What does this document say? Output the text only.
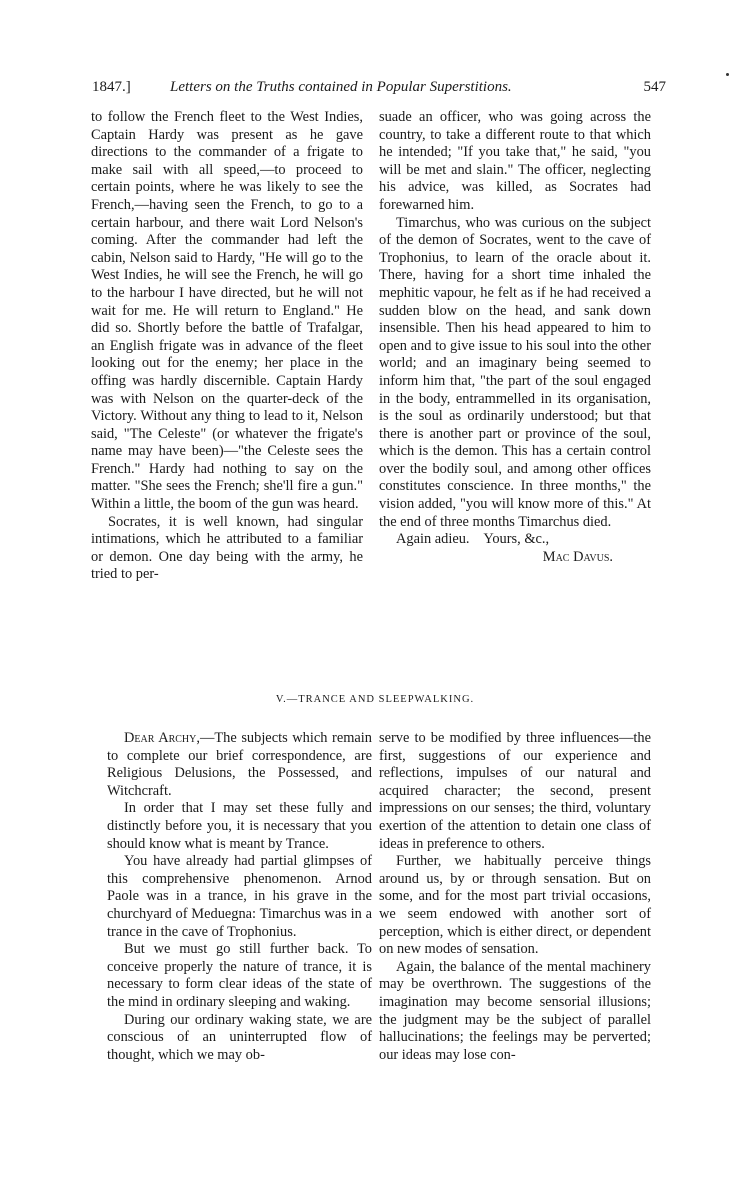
1847.]	Letters on the Truths contained in Popular Superstitions.	547

to follow the French fleet to the West Indies, Captain Hardy was present as he gave directions to the commander of a frigate to make sail with all speed,—to proceed to certain points, where he was likely to see the French,—having seen the French, to go to a certain harbour, and there wait Lord Nelson's coming. After the commander had left the cabin, Nelson said to Hardy, "He will go to the West Indies, he will see the French, he will go to the harbour I have directed, but he will not wait for me. He will return to England." He did so. Shortly before the battle of Trafalgar, an English frigate was in advance of the fleet looking out for the enemy; her place in the offing was hardly discernible. Captain Hardy was with Nelson on the quarter-deck of the Victory. Without any thing to lead to it, Nelson said, "The Celeste" (or whatever the frigate's name may have been)—"the Celeste sees the French." Hardy had nothing to say on the matter. "She sees the French; she'll fire a gun." Within a little, the boom of the gun was heard.

Socrates, it is well known, had singular intimations, which he attributed to a familiar or demon. One day being with the army, he tried to per-

suade an officer, who was going across the country, to take a different route to that which he intended; "If you take that," he said, "you will be met and slain." The officer, neglecting his advice, was killed, as Socrates had forewarned him.

Timarchus, who was curious on the subject of the demon of Socrates, went to the cave of Trophonius, to learn of the oracle about it. There, having for a short time inhaled the mephitic vapour, he felt as if he had received a sudden blow on the head, and sank down insensible. Then his head appeared to him to open and to give issue to his soul into the other world; and an imaginary being seemed to inform him that, "the part of the soul engaged in the body, entrammelled in its organisation, is the soul as ordinarily understood; but that there is another part or province of the soul, which is the demon. This has a certain control over the bodily soul, and among other offices constitutes conscience. In three months," the vision added, "you will know more of this." At the end of three months Timarchus died.

Again adieu.    Yours, &c.,

Mac Davus.

V.—TRANCE AND SLEEPWALKING.

Dear Archy,—The subjects which remain to complete our brief correspondence, are Religious Delusions, the Possessed, and Witchcraft.

In order that I may set these fully and distinctly before you, it is necessary that you should know what is meant by Trance.

You have already had partial glimpses of this comprehensive phenomenon. Arnod Paole was in a trance, in his grave in the churchyard of Meduegna: Timarchus was in a trance in the cave of Trophonius.

But we must go still further back. To conceive properly the nature of trance, it is necessary to form clear ideas of the state of the mind in ordinary sleeping and waking.

During our ordinary waking state, we are conscious of an uninterrupted flow of thought, which we may ob-

serve to be modified by three influences—the first, suggestions of our experience and reflections, impulses of our natural and acquired character; the second, present impressions on our senses; the third, voluntary exertion of the attention to detain one class of ideas in preference to others.

Further, we habitually perceive things around us, by or through sensation. But on some, and for the most part trivial occasions, we seem endowed with another sort of perception, which is either direct, or dependent on new modes of sensation.

Again, the balance of the mental machinery may be overthrown. The suggestions of the imagination may become sensorial illusions; the judgment may be the subject of parallel hallucinations; the feelings may be perverted; our ideas may lose con-
